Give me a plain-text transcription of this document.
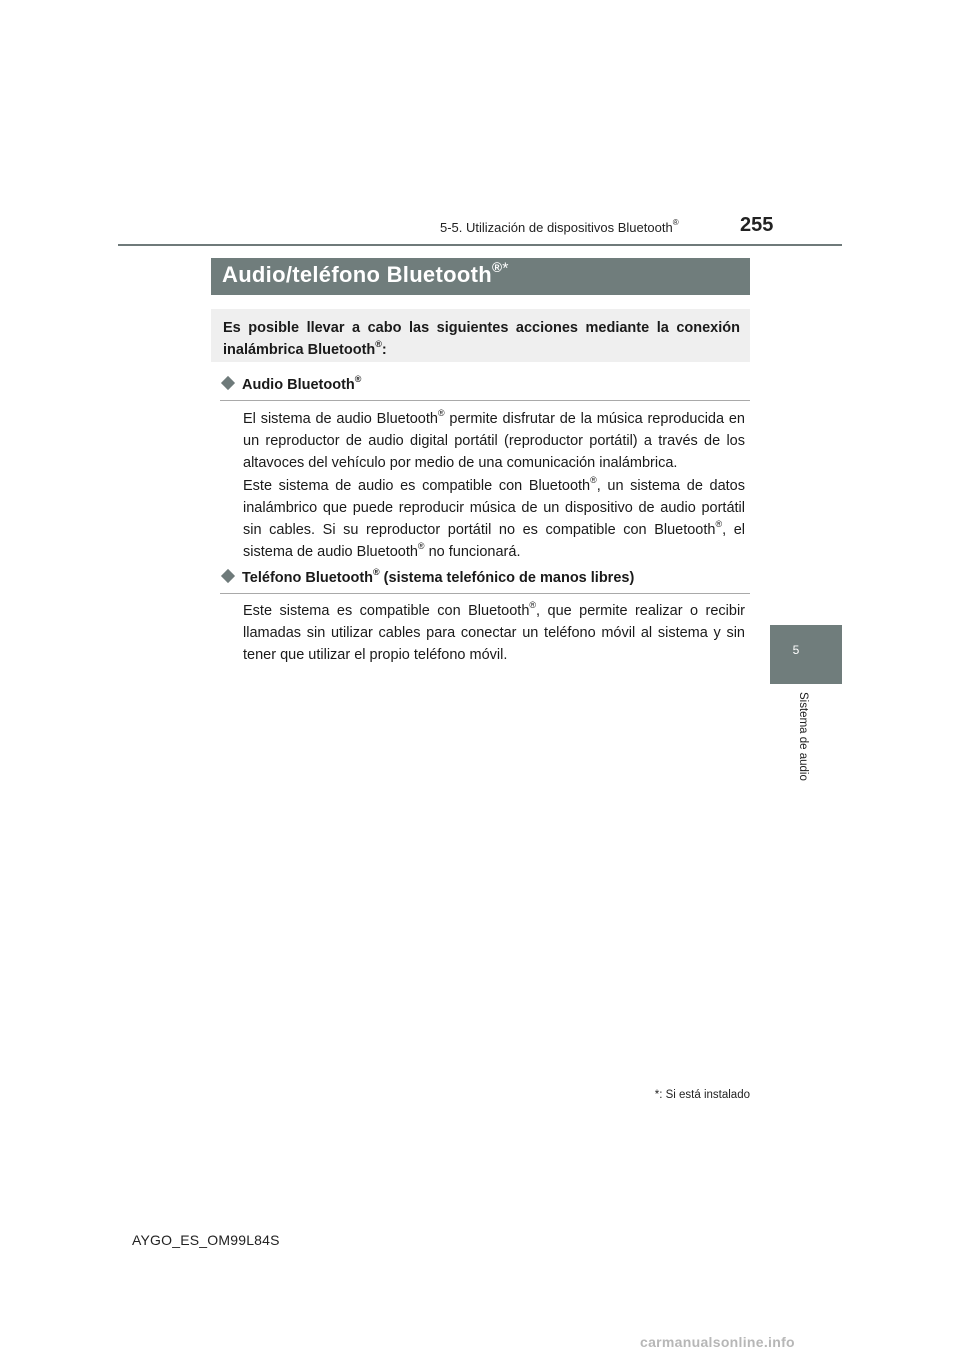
5-5. Utilización de dispositivos Bluetooth®	255
Audio/teléfono Bluetooth®*
Es posible llevar a cabo las siguientes acciones mediante la conexión inalámbrica Bluetooth®:
Audio Bluetooth®
El sistema de audio Bluetooth® permite disfrutar de la música reproducida en un reproductor de audio digital portátil (reproductor portátil) a través de los altavoces del vehículo por medio de una comunicación inalámbrica.
Este sistema de audio es compatible con Bluetooth®, un sistema de datos inalámbrico que puede reproducir música de un dispositivo de audio portátil sin cables. Si su reproductor portátil no es compatible con Bluetooth®, el sistema de audio Bluetooth® no funcionará.
Teléfono Bluetooth® (sistema telefónico de manos libres)
Este sistema es compatible con Bluetooth®, que permite realizar o recibir llamadas sin utilizar cables para conectar un teléfono móvil al sistema y sin tener que utilizar el propio teléfono móvil.	5
Sistema de audio
*: Si está instalado
AYGO_ES_OM99L84S
carmanualsonline.info
